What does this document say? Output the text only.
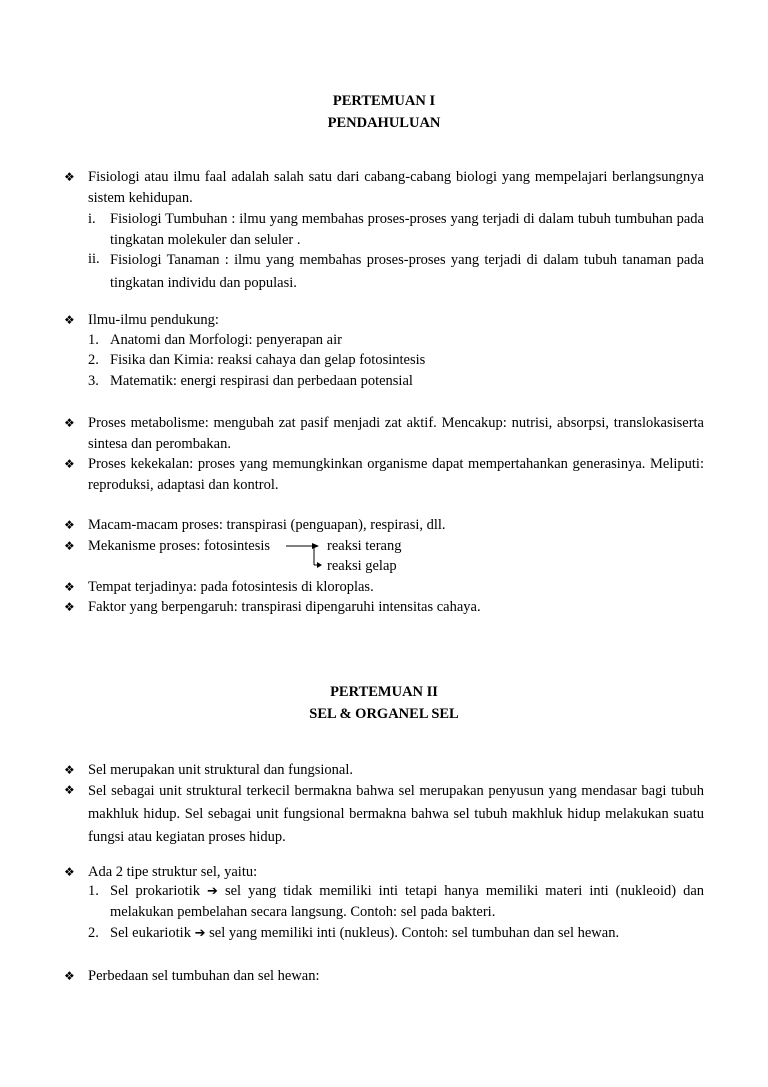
PERTEMUAN I
PENDAHULUAN
❖ Fisiologi atau ilmu faal adalah salah satu dari cabang-cabang biologi yang mempelajari berlangsungnya sistem kehidupan.
i. Fisiologi Tumbuhan : ilmu yang membahas proses-proses yang terjadi di dalam tubuh tumbuhan pada tingkatan molekuler dan seluler .
ii. Fisiologi Tanaman : ilmu yang membahas proses-proses yang terjadi di dalam tubuh tanaman pada tingkatan individu dan populasi.
❖ Ilmu-ilmu pendukung:
1. Anatomi dan Morfologi: penyerapan air
2. Fisika dan Kimia: reaksi cahaya dan gelap fotosintesis
3. Matematik: energi respirasi dan perbedaan potensial
❖ Proses metabolisme: mengubah zat pasif menjadi zat aktif. Mencakup: nutrisi, absorpsi, translokasiserta sintesa dan perombakan.
❖ Proses kekekalan: proses yang memungkinkan organisme dapat mempertahankan generasinya. Meliputi: reproduksi, adaptasi dan kontrol.
❖ Macam-macam proses: transpirasi (penguapan), respirasi, dll.
❖ Mekanisme proses: fotosintesis	reaksi terang
reaksi gelap
❖ Tempat terjadinya: pada fotosintesis di kloroplas.
❖ Faktor yang berpengaruh: transpirasi dipengaruhi intensitas cahaya.
PERTEMUAN II
SEL & ORGANEL SEL
❖ Sel merupakan unit struktural dan fungsional.
❖ Sel sebagai unit struktural terkecil bermakna bahwa sel merupakan penyusun yang mendasar bagi tubuh makhluk hidup. Sel sebagai unit fungsional bermakna bahwa sel tubuh makhluk hidup melakukan suatu fungsi atau kegiatan proses hidup.
❖ Ada 2 tipe struktur sel, yaitu:
1. Sel prokariotik ➔ sel yang tidak memiliki inti tetapi hanya memiliki materi inti (nukleoid) dan melakukan pembelahan secara langsung. Contoh: sel pada bakteri.
2. Sel eukariotik ➔ sel yang memiliki inti (nukleus). Contoh: sel tumbuhan dan sel hewan.
❖ Perbedaan sel tumbuhan dan sel hewan:
